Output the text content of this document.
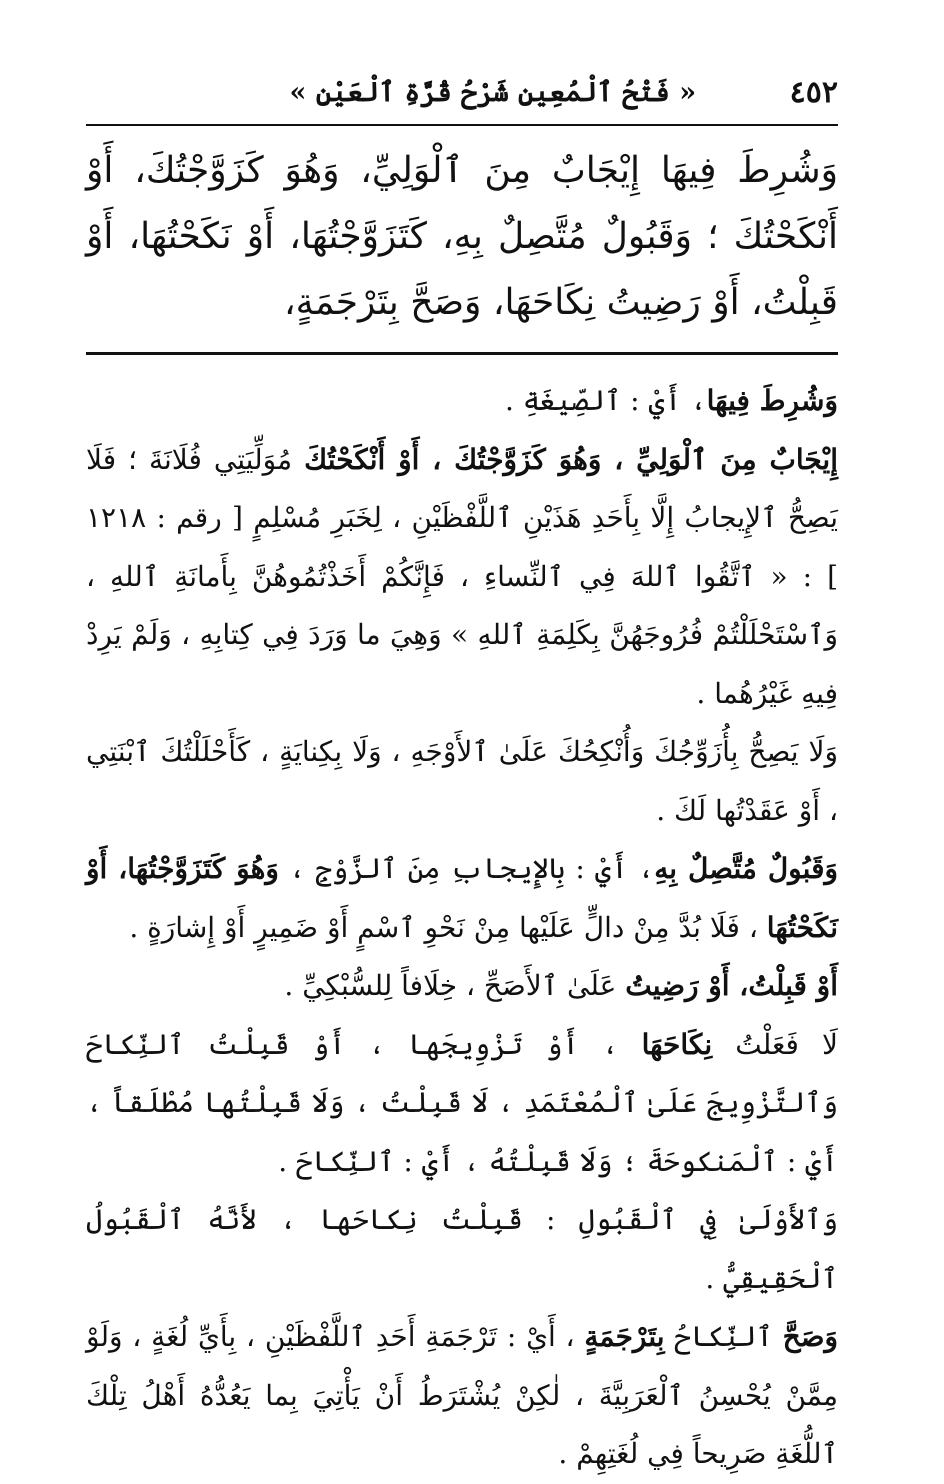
٤٥٢
« فَتْحُ ٱلْمُعِينِ شَرْحُ قُرَّةِ ٱلْعَيْنِ »

وَشُرِطَ فِيهَا إِيْجَابٌ مِنَ ٱلْوَلِيِّ، وَهُوَ كَزَوَّجْتُكَ، أَوْ أَنْكَحْتُكَ ؛ وَقَبُولٌ مُتَّصِلٌ بِهِ، كَتَزَوَّجْتُهَا، أَوْ نَكَحْتُهَا، أَوْ قَبِلْتُ، أَوْ رَضِيتُ نِكَاحَهَا، وَصَحَّ بِتَرْجَمَةٍ،

وَشُرِطَ فِيهَا، أَيْ : ٱلصِّيغَةِ .

إِيْجَابٌ مِنَ ٱلْوَلِيِّ ، وَهُوَ كَزَوَّجْتُكَ ، أَوْ أَنْكَحْتُكَ مُوَلِّيَتِي فُلَانَةَ ؛ فَلَا يَصِحُّ ٱلإِيجابُ إِلَّا بِأَحَدِ هَذَيْنِ ٱللَّفْظَيْنِ ، لِخَبَرِ مُسْلِمٍ [ رقم : ١٢١٨ ] : « ٱتَّقُوا ٱللهَ فِي ٱلنِّساءِ ، فَإِنَّكُمْ أَخَذْتُمُوهُنَّ بِأَمانَةِ ٱللهِ ، وَٱسْتَحْلَلْتُمْ فُرُوجَهُنَّ بِكَلِمَةِ ٱللهِ » وَهِيَ ما وَرَدَ فِي كِتابِهِ ، وَلَمْ يَرِدْ فِيهِ غَيْرُهُما .

وَلَا يَصِحُّ بِأُزَوِّجُكَ وَأُنْكِحُكَ عَلَىٰ ٱلأَوْجَهِ ، وَلَا بِكِنايَةٍ ، كَأَحْلَلْتُكَ ٱبْنَتِي ، أَوْ عَقَدْتُها لَكَ .

وَقَبُولٌ مُتَّصِلٌ بِهِ، أَيْ : بِالإِيجابِ مِنَ ٱلزَّوْجِ ، وَهُوَ كَتَزَوَّجْتُهَا، أَوْ نَكَحْتُهَا ، فَلَا بُدَّ مِنْ دالٍّ عَلَيْها مِنْ نَحْوِ ٱسْمٍ أَوْ ضَمِيرٍ أَوْ إِشارَةٍ .

أَوْ قَبِلْتُ، أَوْ رَضِيتُ عَلَىٰ ٱلأَصَحِّ ، خِلَافاً لِلسُّبْكِيِّ .

لَا فَعَلْتُ نِكَاحَهَا ، أَوْ تَزْوِيجَها ، أَوْ قَبِلْتُ ٱلنِّكاحَ وَٱلتَّزْوِيجَ عَلَىٰ ٱلْمُعْتَمَدِ ، لَا قَبِلْتُ ، وَلَا قَبِلْتُها مُطْلَقاً ، أَيْ : ٱلْمَنكوحَةَ ؛ وَلَا قَبِلْتُهُ ، أَيْ : ٱلنِّكاحَ .

وَٱلأَوْلَىٰ فِي ٱلْقَبُولِ : قَبِلْتُ نِكاحَها ، لأَنَّهُ ٱلْقَبُولُ ٱلْحَقِيقِيُّ .

وَصَحَّ ٱلنِّكاحُ بِتَرْجَمَةٍ ، أَيْ : تَرْجَمَةِ أَحَدِ ٱللَّفْظَيْنِ ، بِأَيِّ لُغَةٍ ، وَلَوْ مِمَّنْ يُحْسِنُ ٱلْعَرَبِيَّةَ ، لٰكِنْ يُشْتَرَطُ أَنْ يَأْتِيَ بِما يَعُدُّهُ أَهْلُ تِلْكَ ٱللُّغَةِ صَرِيحاً فِي لُغَتِهِمْ .
